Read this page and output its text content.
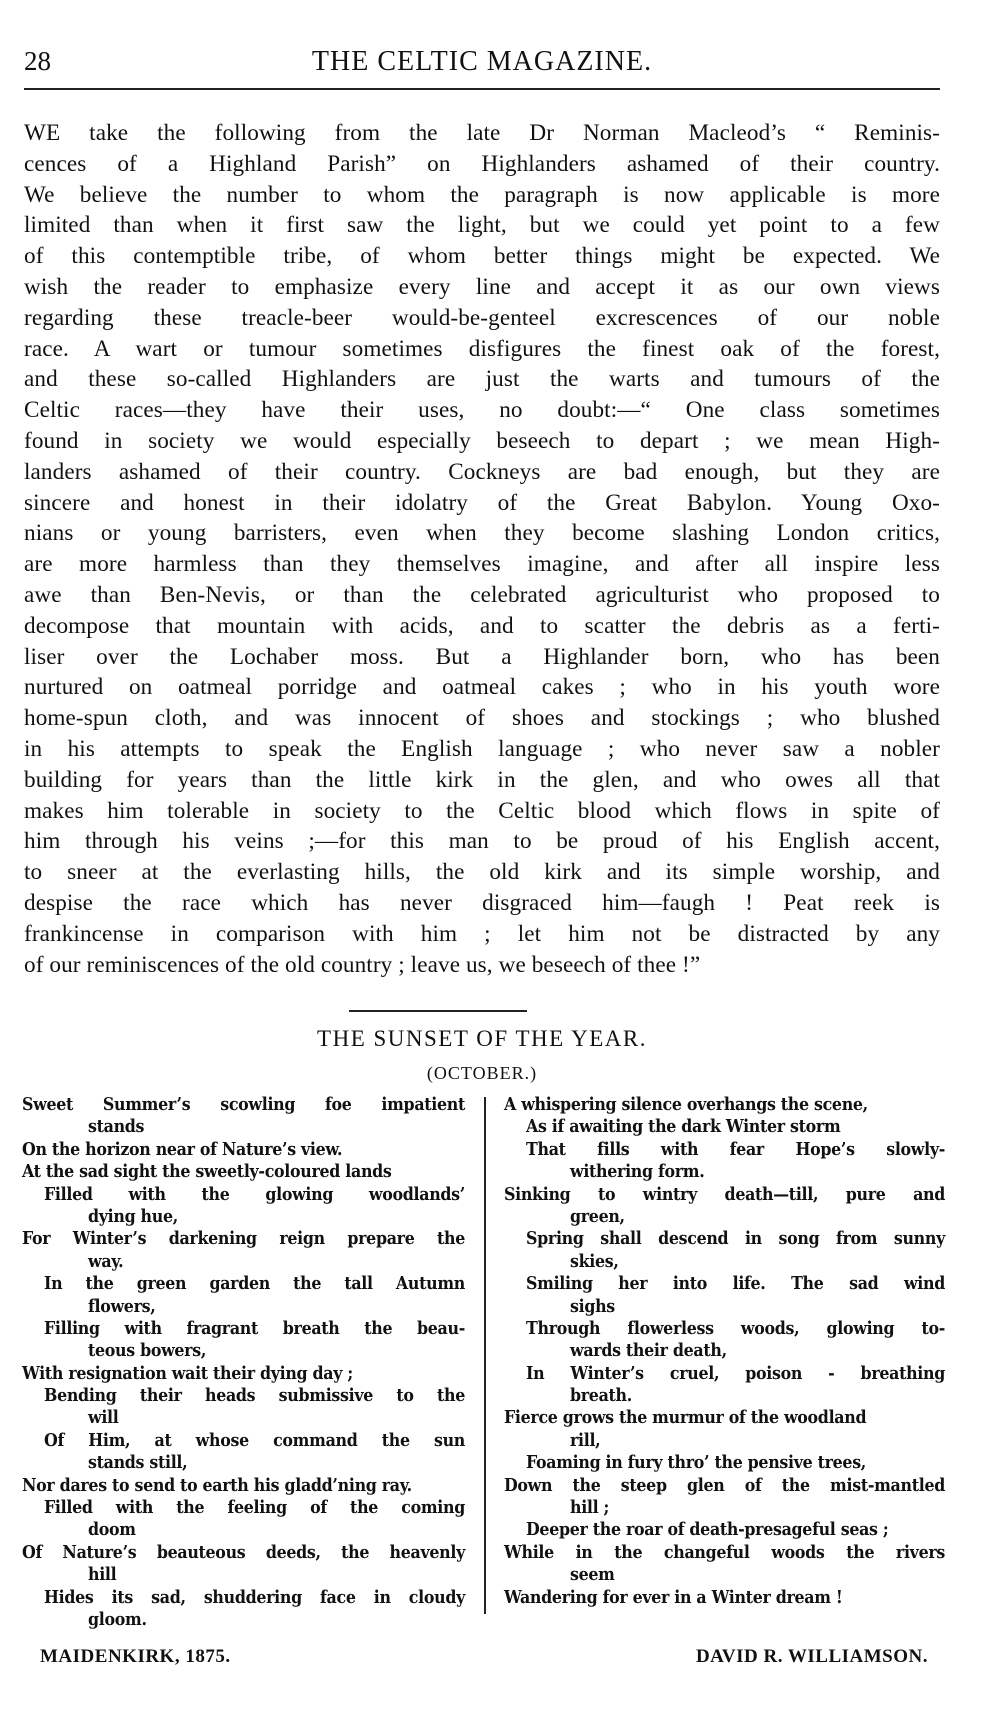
28	THE CELTIC MAGAZINE.
WE take the following from the late Dr Norman Macleod’s “ Reminis-
cences of a Highland Parish” on Highlanders ashamed of their country.
We believe the number to whom the paragraph is now applicable is more
limited than when it first saw the light, but we could yet point to a few
of this contemptible tribe, of whom better things might be expected. We
wish the reader to emphasize every line and accept it as our own views
regarding these treacle-beer would-be-genteel excrescences of our noble
race. A wart or tumour sometimes disfigures the finest oak of the forest,
and these so-called Highlanders are just the warts and tumours of the
Celtic races—they have their uses, no doubt:—“ One class sometimes
found in society we would especially beseech to depart ; we mean High-
landers ashamed of their country. Cockneys are bad enough, but they are
sincere and honest in their idolatry of the Great Babylon. Young Oxo-
nians or young barristers, even when they become slashing London critics,
are more harmless than they themselves imagine, and after all inspire less
awe than Ben-Nevis, or than the celebrated agriculturist who proposed to
decompose that mountain with acids, and to scatter the debris as a ferti-
liser over the Lochaber moss. But a Highlander born, who has been
nurtured on oatmeal porridge and oatmeal cakes ; who in his youth wore
home-spun cloth, and was innocent of shoes and stockings ; who blushed
in his attempts to speak the English language ; who never saw a nobler
building for years than the little kirk in the glen, and who owes all that
makes him tolerable in society to the Celtic blood which flows in spite of
him through his veins ;—for this man to be proud of his English accent,
to sneer at the everlasting hills, the old kirk and its simple worship, and
despise the race which has never disgraced him—faugh ! Peat reek is
frankincense in comparison with him ; let him not be distracted by any
of our reminiscences of the old country ; leave us, we beseech of thee !”
THE SUNSET OF THE YEAR.
(OCTOBER.)
Sweet Summer’s scowling foe impatient
stands
On the horizon near of Nature’s view.
At the sad sight the sweetly-coloured lands
Filled with the glowing woodlands’
dying hue,
For Winter’s darkening reign prepare the
way.
In the green garden the tall Autumn
flowers,
Filling with fragrant breath the beau-
teous bowers,
With resignation wait their dying day ;
Bending their heads submissive to the
will
Of Him, at whose command the sun
stands still,
Nor dares to send to earth his gladd’ning ray.
Filled with the feeling of the coming
doom
Of Nature’s beauteous deeds, the heavenly
hill
Hides its sad, shuddering face in cloudy
gloom.
A whispering silence overhangs the scene,
As if awaiting the dark Winter storm
That fills with fear Hope’s slowly-
withering form.
Sinking to wintry death—till, pure and
green,
Spring shall descend in song from sunny
skies,
Smiling her into life. The sad wind
sighs
Through flowerless woods, glowing to-
wards their death,
In Winter’s cruel, poison - breathing
breath.
Fierce grows the murmur of the woodland
rill,
Foaming in fury thro’ the pensive trees,
Down the steep glen of the mist-mantled
hill ;
Deeper the roar of death-presageful seas ;
While in the changeful woods the rivers
seem
Wandering for ever in a Winter dream !
MAIDENKIRK, 1875.	DAVID R. WILLIAMSON.
